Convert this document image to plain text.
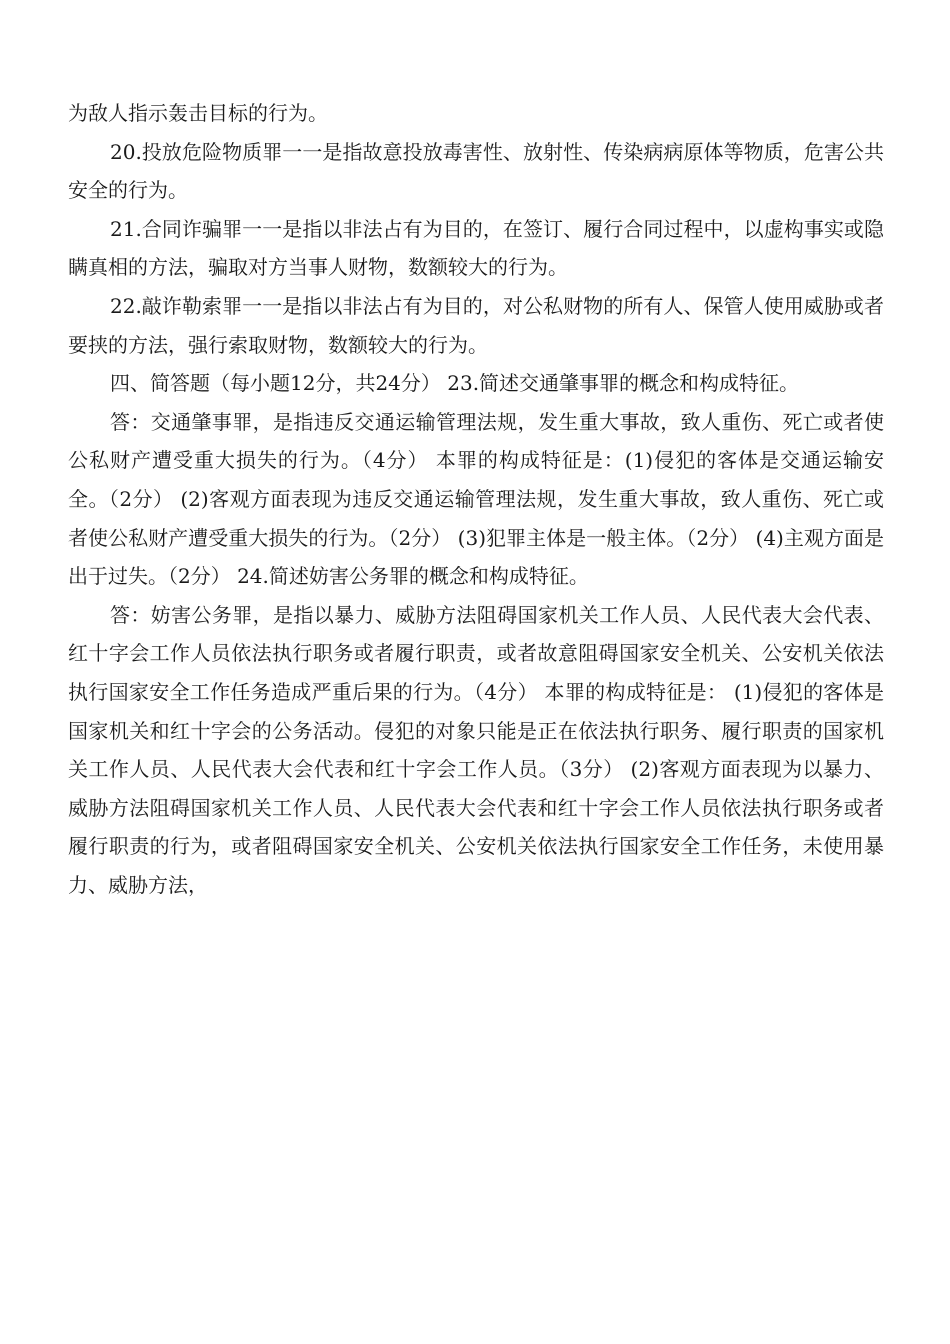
为敌人指示轰击目标的行为。

20.投放危险物质罪一一是指故意投放毒害性、放射性、传染病病原体等物质，危害公共安全的行为。

21.合同诈骗罪一一是指以非法占有为目的，在签订、履行合同过程中，以虚构事实或隐瞒真相的方法，骗取对方当事人财物，数额较大的行为。

22.敲诈勒索罪一一是指以非法占有为目的，对公私财物的所有人、保管人使用威胁或者要挟的方法，强行索取财物，数额较大的行为。

四、简答题（每小题12分，共24分） 23.简述交通肇事罪的概念和构成特征。

答：交通肇事罪，是指违反交通运输管理法规，发生重大事故，致人重伤、死亡或者使公私财产遭受重大损失的行为。（4分） 本罪的构成特征是：(1)侵犯的客体是交通运输安全。（2分） (2)客观方面表现为违反交通运输管理法规，发生重大事故，致人重伤、死亡或者使公私财产遭受重大损失的行为。（2分） (3)犯罪主体是一般主体。（2分） (4)主观方面是出于过失。（2分） 24.简述妨害公务罪的概念和构成特征。

答：妨害公务罪，是指以暴力、威胁方法阻碍国家机关工作人员、人民代表大会代表、红十字会工作人员依法执行职务或者履行职责，或者故意阻碍国家安全机关、公安机关依法执行国家安全工作任务造成严重后果的行为。（4分） 本罪的构成特征是： (1)侵犯的客体是国家机关和红十字会的公务活动。侵犯的对象只能是正在依法执行职务、履行职责的国家机关工作人员、人民代表大会代表和红十字会工作人员。（3分） (2)客观方面表现为以暴力、威胁方法阻碍国家机关工作人员、人民代表大会代表和红十字会工作人员依法执行职务或者履行职责的行为，或者阻碍国家安全机关、公安机关依法执行国家安全工作任务，未使用暴力、威胁方法，
